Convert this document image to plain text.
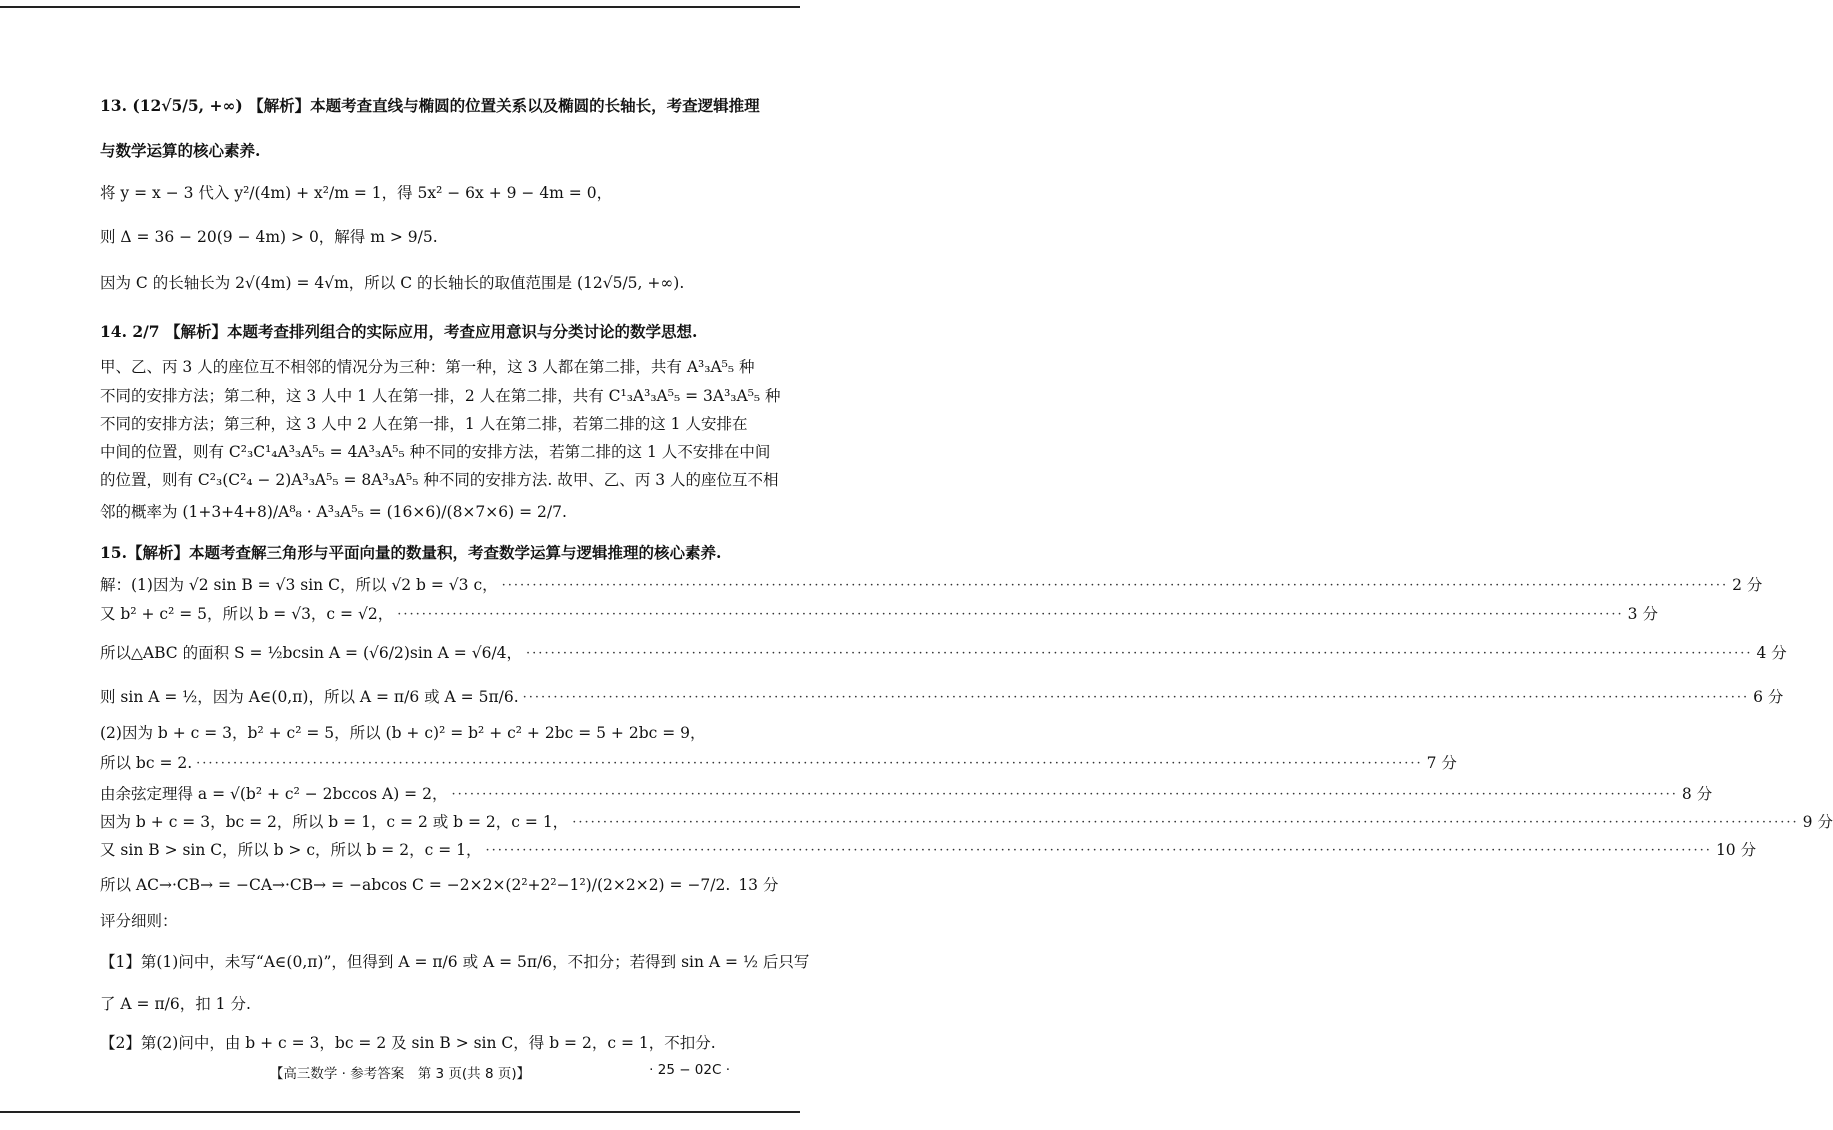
13. (12√5/5, +∞) 【解析】本题考查直线与椭圆的位置关系以及椭圆的长轴长，考查逻辑推理
与数学运算的核心素养.
将 y = x − 3 代入 y²/(4m) + x²/m = 1，得 5x² − 6x + 9 − 4m = 0，
则 Δ = 36 − 20(9 − 4m) > 0，解得 m > 9/5.
因为 C 的长轴长为 2√(4m) = 4√m，所以 C 的长轴长的取值范围是 (12√5/5, +∞).
14. 2/7 【解析】本题考查排列组合的实际应用，考查应用意识与分类讨论的数学思想.
甲、乙、丙 3 人的座位互不相邻的情况分为三种：第一种，这 3 人都在第二排，共有 A³₃A⁵₅ 种
不同的安排方法；第二种，这 3 人中 1 人在第一排，2 人在第二排，共有 C¹₃A³₃A⁵₅ = 3A³₃A⁵₅ 种
不同的安排方法；第三种，这 3 人中 2 人在第一排，1 人在第二排，若第二排的这 1 人安排在
中间的位置，则有 C²₃C¹₄A³₃A⁵₅ = 4A³₃A⁵₅ 种不同的安排方法，若第二排的这 1 人不安排在中间
的位置，则有 C²₃(C²₄ − 2)A³₃A⁵₅ = 8A³₃A⁵₅ 种不同的安排方法. 故甲、乙、丙 3 人的座位互不相
邻的概率为 (1+3+4+8)/A⁸₈ · A³₃A⁵₅ = (16×6)/(8×7×6) = 2/7.
15.【解析】本题考查解三角形与平面向量的数量积，考查数学运算与逻辑推理的核心素养.
(2)因为 b + c = 3，b² + c² = 5，所以 (b + c)² = b² + c² + 2bc = 5 + 2bc = 9，
解：(1)因为 √2 sin B = √3 sin C，所以 √2 b = √3 c， ········································································································································································································ 2 分
又 b² + c² = 5，所以 b = √3，c = √2， ········································································································································································································ 3 分
所以△ABC 的面积 S = ½bcsin A = (√6/2)sin A = √6/4， ········································································································································································································ 4 分
则 sin A = ½，因为 A∈(0,π)，所以 A = π/6 或 A = 5π/6. ········································································································································································································ 6 分
所以 bc = 2. ········································································································································································································ 7 分
由余弦定理得 a = √(b² + c² − 2bccos A) = 2， ········································································································································································································ 8 分
因为 b + c = 3，bc = 2，所以 b = 1，c = 2 或 b = 2，c = 1， ········································································································································································································ 9 分
又 sin B > sin C，所以 b > c，所以 b = 2，c = 1， ········································································································································································································ 10 分
所以 AC→·CB→ = −CA→·CB→ = −abcos C = −2×2×(2²+2²−1²)/(2×2×2) = −7/2. 13 分
评分细则：
【1】第(1)问中，未写“A∈(0,π)”，但得到 A = π/6 或 A = 5π/6，不扣分；若得到 sin A = ½ 后只写
了 A = π/6，扣 1 分.
【2】第(2)问中，由 b + c = 3，bc = 2 及 sin B > sin C，得 b = 2，c = 1，不扣分.
【高三数学 · 参考答案　第 3 页(共 8 页)】	· 25 − 02C ·
